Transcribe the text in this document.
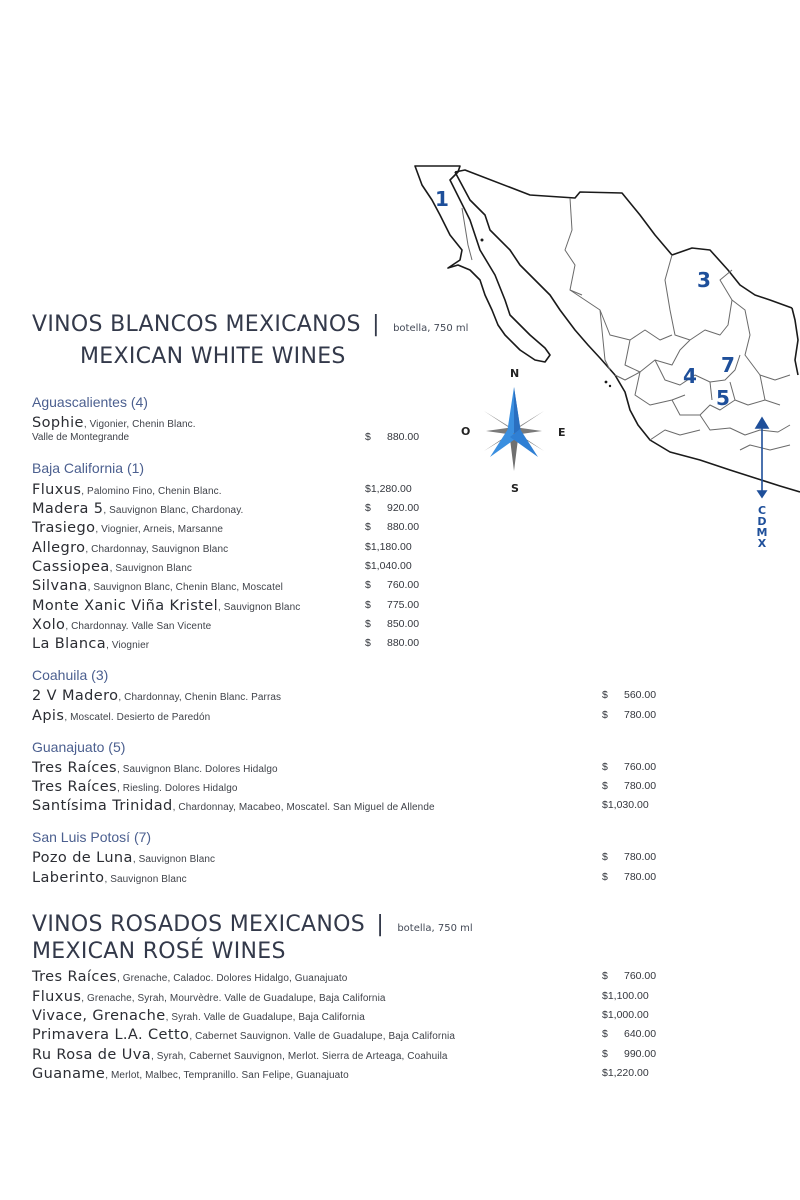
1
3
4
5
7
C
D
M
X
N
S
E
O
VINOS BLANCOS MEXICANOS | botella, 750 ml
MEXICAN WHITE WINES
Aguascalientes (4)
Sophie, Vigonier, Chenin Blanc.
Valle de Montegrande	$ 880.00
Baja California (1)
Fluxus, Palomino Fino, Chenin Blanc.	$1,280.00
Madera 5, Sauvignon Blanc, Chardonay.	$ 920.00
Trasiego, Viognier, Arneis, Marsanne	$ 880.00
Allegro, Chardonnay, Sauvignon Blanc	$1,180.00
Cassiopea, Sauvignon Blanc	$1,040.00
Silvana, Sauvignon Blanc, Chenin Blanc, Moscatel	$ 760.00
Monte Xanic Viña Kristel, Sauvignon Blanc	$ 775.00
Xolo, Chardonnay. Valle San Vicente	$ 850.00
La Blanca, Viognier	$ 880.00
Coahuila (3)
2 V Madero, Chardonnay, Chenin Blanc. Parras	$ 560.00
Apis, Moscatel. Desierto de Paredón	$ 780.00
Guanajuato (5)
Tres Raíces, Sauvignon Blanc. Dolores Hidalgo	$ 760.00
Tres Raíces, Riesling. Dolores Hidalgo	$ 780.00
Santísima Trinidad, Chardonnay, Macabeo, Moscatel. San Miguel de Allende	$1,030.00
San Luis Potosí (7)
Pozo de Luna, Sauvignon Blanc	$ 780.00
Laberinto, Sauvignon Blanc	$ 780.00
VINOS ROSADOS MEXICANOS | botella, 750 ml
MEXICAN ROSÉ WINES
Tres Raíces, Grenache, Caladoc. Dolores Hidalgo, Guanajuato	$ 760.00
Fluxus, Grenache, Syrah, Mourvèdre. Valle de Guadalupe, Baja California	$1,100.00
Vivace, Grenache, Syrah. Valle de Guadalupe, Baja California	$1,000.00
Primavera L.A. Cetto, Cabernet Sauvignon. Valle de Guadalupe, Baja California	$ 640.00
Ru Rosa de Uva, Syrah, Cabernet Sauvignon, Merlot. Sierra de Arteaga, Coahuila	$ 990.00
Guaname, Merlot, Malbec, Tempranillo. San Felipe, Guanajuato	$1,220.00
